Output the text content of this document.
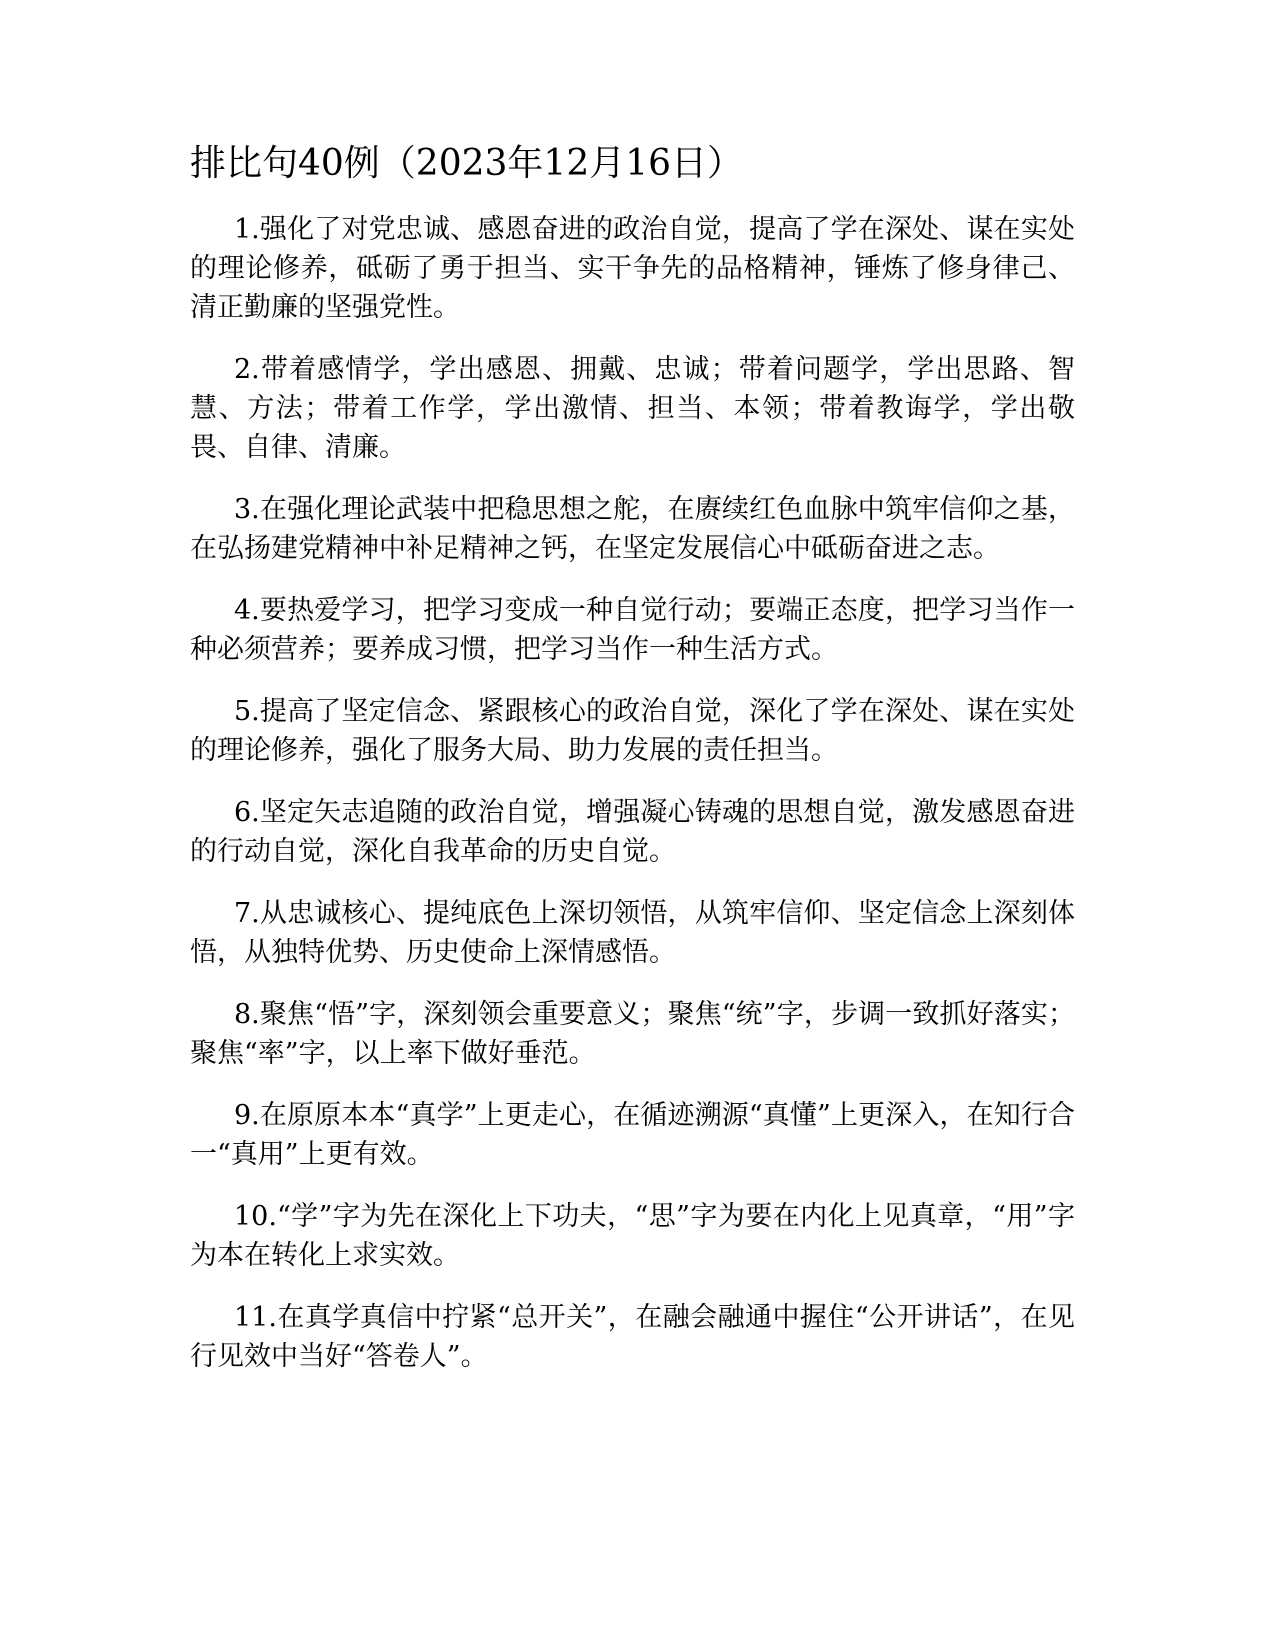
排比句40例（2023年12月16日）

1.强化了对党忠诚、感恩奋进的政治自觉，提高了学在深处、谋在实处的理论修养，砥砺了勇于担当、实干争先的品格精神，锤炼了修身律己、清正勤廉的坚强党性。

2.带着感情学，学出感恩、拥戴、忠诚；带着问题学，学出思路、智慧、方法；带着工作学，学出激情、担当、本领；带着教诲学，学出敬畏、自律、清廉。

3.在强化理论武装中把稳思想之舵，在赓续红色血脉中筑牢信仰之基，在弘扬建党精神中补足精神之钙，在坚定发展信心中砥砺奋进之志。

4.要热爱学习，把学习变成一种自觉行动；要端正态度，把学习当作一种必须营养；要养成习惯，把学习当作一种生活方式。

5.提高了坚定信念、紧跟核心的政治自觉，深化了学在深处、谋在实处的理论修养，强化了服务大局、助力发展的责任担当。

6.坚定矢志追随的政治自觉，增强凝心铸魂的思想自觉，激发感恩奋进的行动自觉，深化自我革命的历史自觉。

7.从忠诚核心、提纯底色上深切领悟，从筑牢信仰、坚定信念上深刻体悟，从独特优势、历史使命上深情感悟。

8.聚焦“悟”字，深刻领会重要意义；聚焦“统”字，步调一致抓好落实；聚焦“率”字，以上率下做好垂范。

9.在原原本本“真学”上更走心，在循迹溯源“真懂”上更深入，在知行合一“真用”上更有效。

10.“学”字为先在深化上下功夫，“思”字为要在内化上见真章，“用”字为本在转化上求实效。

11.在真学真信中拧紧“总开关”，在融会融通中握住“公开讲话”，在见行见效中当好“答卷人”。
